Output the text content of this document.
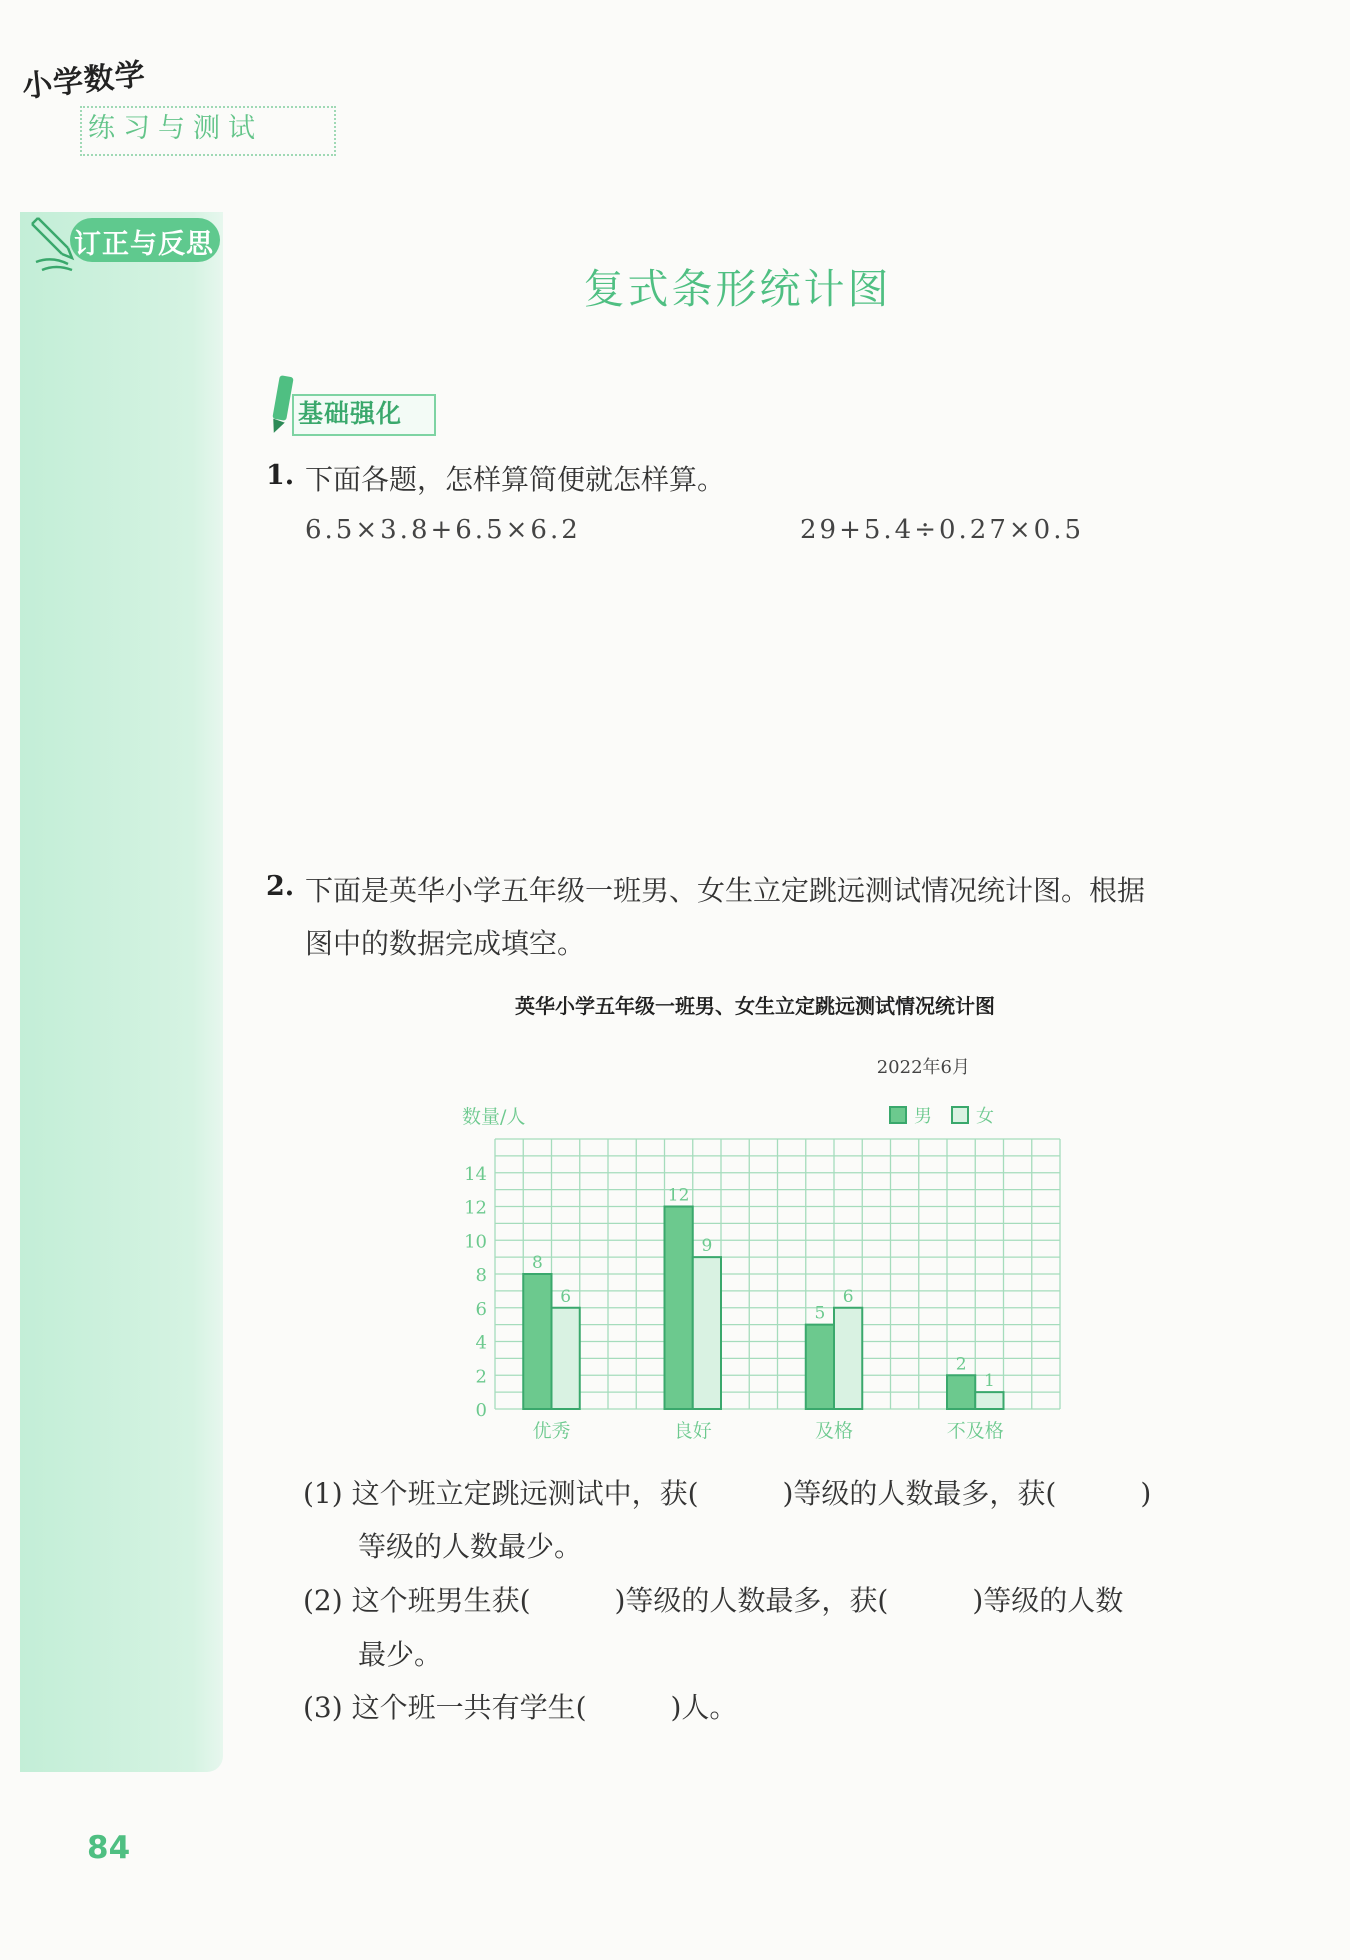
小学数学
练习与测试
订正与反思
复式条形统计图
基础强化
1. 下面各题，怎样算简便就怎样算。
6.5×3.8+6.5×6.2	29+5.4÷0.27×0.5
2. 下面是英华小学五年级一班男、女生立定跳远测试情况统计图。根据
图中的数据完成填空。
英华小学五年级一班男、女生立定跳远测试情况统计图
2022年6月
数量/人
0
2
4
6
8
10
12
14
8
6
12
9
5
6
2
1
优秀	良好	及格	不及格
男 女
(1) 这个班立定跳远测试中，获(　　　)等级的人数最多，获(　　　)
等级的人数最少。
(2) 这个班男生获(　　　)等级的人数最多，获(　　　)等级的人数
最少。
(3) 这个班一共有学生(　　　)人。
84
